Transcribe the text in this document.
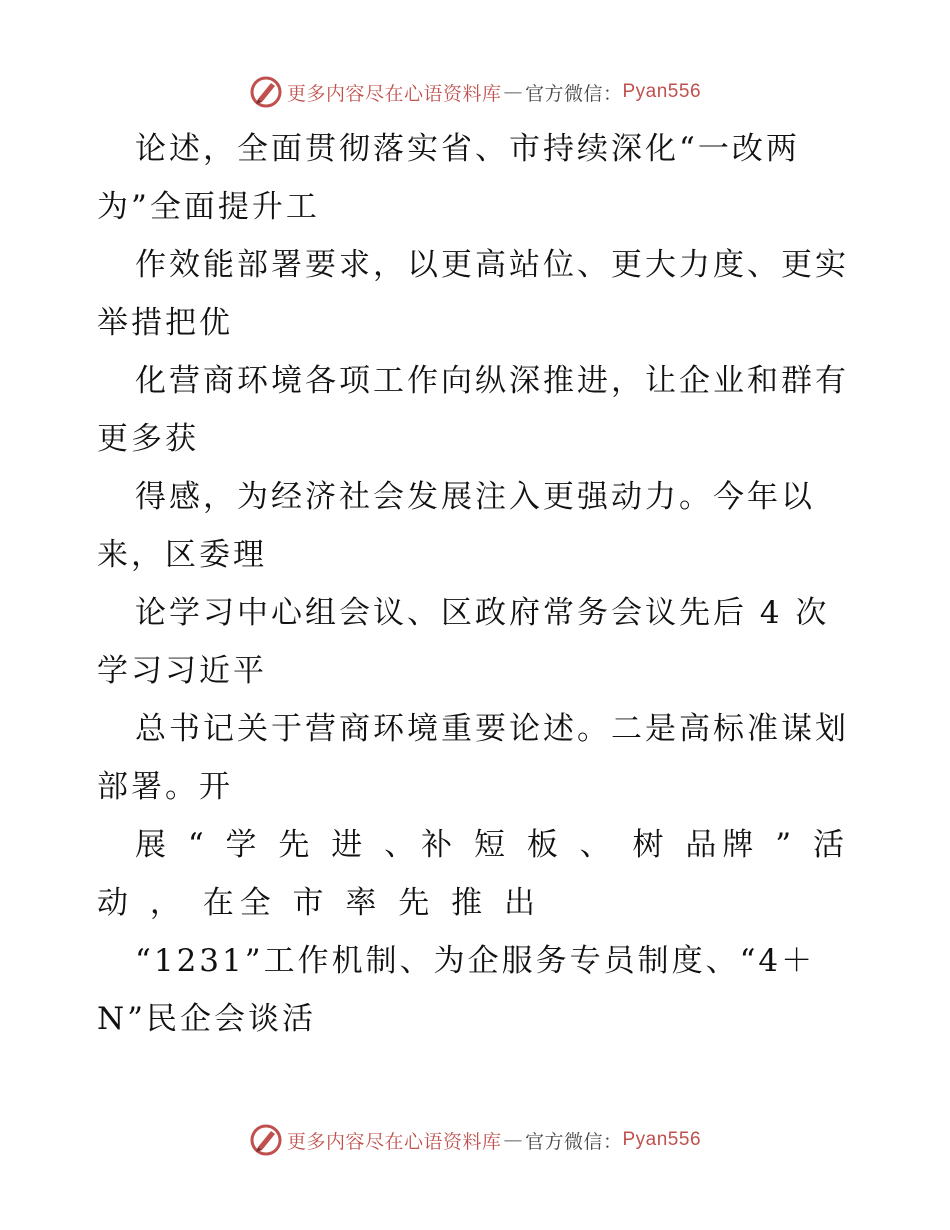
更多内容尽在心语资料库 — 官方微信： Pyan556
论述，全面贯彻落实省、市持续深化“一改两
为”全面提升工
作效能部署要求，以更高站位、更大力度、更实
举措把优
化营商环境各项工作向纵深推进，让企业和群有
更多获
得感，为经济社会发展注入更强动力。今年以
来，区委理
论学习中心组会议、区政府常务会议先后 4 次
学习习近平
总书记关于营商环境重要论述。二是高标准谋划
部署。开
展 “ 学 先 进 、补 短 板 、 树 品牌 ” 活
动 ， 在全 市 率 先 推 出
“1231”工作机制、为企服务专员制度、“4＋
N”民企会谈活
更多内容尽在心语资料库 — 官方微信： Pyan556
